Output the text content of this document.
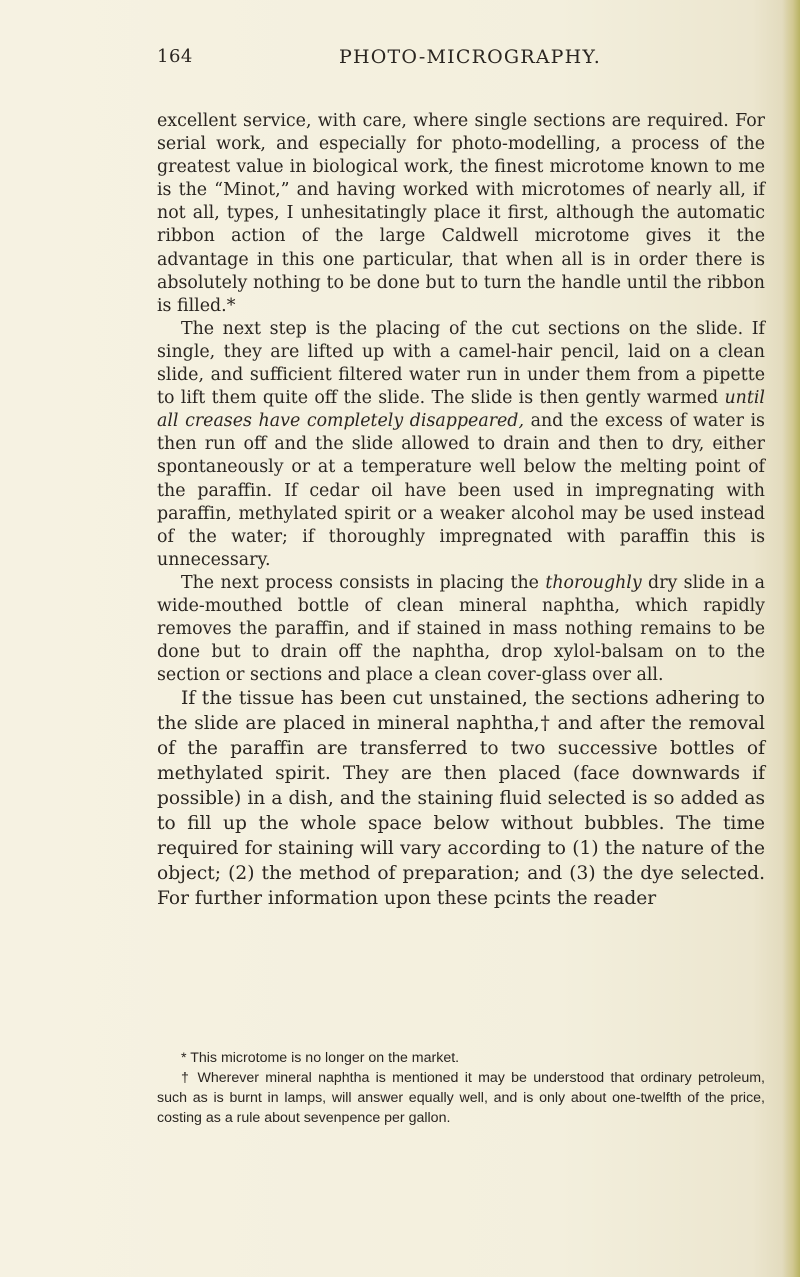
164	PHOTO-MICROGRAPHY.

excellent service, with care, where single sections are required. For serial work, and especially for photo-modelling, a process of the greatest value in biological work, the finest microtome known to me is the “Minot,” and having worked with microtomes of nearly all, if not all, types, I unhesitatingly place it first, although the automatic ribbon action of the large Caldwell microtome gives it the advantage in this one particular, that when all is in order there is absolutely nothing to be done but to turn the handle until the ribbon is filled.*

The next step is the placing of the cut sections on the slide. If single, they are lifted up with a camel-hair pencil, laid on a clean slide, and sufficient filtered water run in under them from a pipette to lift them quite off the slide. The slide is then gently warmed until all creases have completely disappeared, and the excess of water is then run off and the slide allowed to drain and then to dry, either spontaneously or at a temperature well below the melting point of the paraffin. If cedar oil have been used in impregnating with paraffin, methylated spirit or a weaker alcohol may be used instead of the water; if thoroughly impregnated with paraffin this is unnecessary.

The next process consists in placing the thoroughly dry slide in a wide-mouthed bottle of clean mineral naphtha, which rapidly removes the paraffin, and if stained in mass nothing remains to be done but to drain off the naphtha, drop xylol-balsam on to the section or sections and place a clean cover-glass over all.

If the tissue has been cut unstained, the sections adhering to the slide are placed in mineral naphtha,† and after the removal of the paraffin are transferred to two successive bottles of methylated spirit. They are then placed (face downwards if possible) in a dish, and the staining fluid selected is so added as to fill up the whole space below without bubbles. The time required for staining will vary according to (1) the nature of the object; (2) the method of preparation; and (3) the dye selected. For further information upon these pcints the reader

* This microtome is no longer on the market.

† Wherever mineral naphtha is mentioned it may be understood that ordinary petroleum, such as is burnt in lamps, will answer equally well, and is only about one-twelfth of the price, costing as a rule about sevenpence per gallon.
